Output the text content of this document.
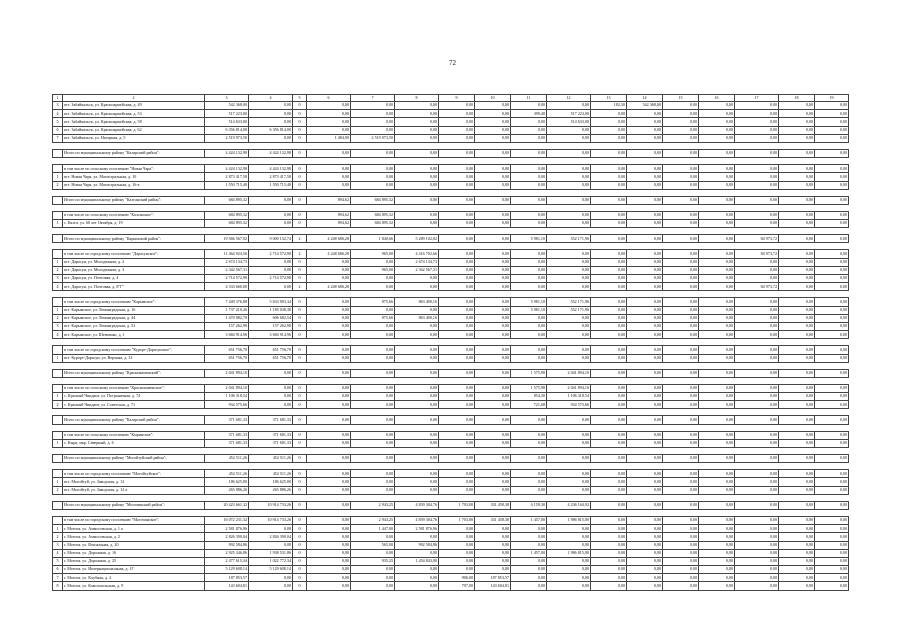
72
1	2	3	4	5	6	7	8	9	10	11	12	13	14	15	16	17	18	19
3	пгт. Забайкальск, ул. Красноармейская, д. 49	542 368,00	0,00	0	0,00	0,00	0,00	0,00	0,00	0,00	0,00	182,30	542 368,00	0,00	0,00	0,00	0,00	0,00
4	пгт. Забайкальск, ул. Красноармейская, д. 53	517 223,00	0,00	0	0,00	0,00	0,00	0,00	0,00	399,40	517 223,00	0,00	0,00	0,00	0,00	0,00	0,00	0,00
5	пгт. Забайкальск, ул. Красноармейская, д. 58	514 633,00	0,00	0	0,00	0,00	0,00	0,00	0,00	0,00	514 633,00	0,00	0,00	0,00	0,00	0,00	0,00	0,00
6	пгт. Забайкальск, ул. Красноармейская, д. 62	6 356 814,00	6 356 814,00	0	0,00	0,00	0,00	0,00	0,00	0,00	0,00	0,00	0,00	0,00	0,00	0,00	0,00	0,00
7	пгт. Забайкальск, ул. Нагорная, д. 5	2 519 973,50	0,00	0	1 484,00	2 519 973,50	0,00	0,00	0,00	0,00	0,00	0,00	0,00	0,00	0,00	0,00	0,00	0,00

	Итого по муниципальному району "Каларский район":	4 424 132,98	4 424 132,98	0	0,00	0,00	0,00	0,00	0,00	0,00	0,00	0,00	0,00	0,00	0,00	0,00	0,00	0,00

	в том числе по сельскому поселению "Новая Чара":	4 424 132,98	4 424 132,98	0	0,00	0,00	0,00	0,00	0,00	0,00	0,00	0,00	0,00	0,00	0,00	0,00	0,00	0,00
1	пгт. Новая Чара, ул. Магистральная, д. 10	2 873 417,58	2 873 417,58	0	0,00	0,00	0,00	0,00	0,00	0,00	0,00	0,00	0,00	0,00	0,00	0,00	0,00	0,00
2	пгт. Новая Чара, ул. Магистральная, д. 16-а	1 550 715,40	1 550 715,40	0	0,00	0,00	0,00	0,00	0,00	0,00	0,00	0,00	0,00	0,00	0,00	0,00	0,00	0,00

	Итого по муниципальному району "Калганский район":	684 895,32	0,00	0	894,62	684 895,32	0,00	0,00	0,00	0,00	0,00	0,00	0,00	0,00	0,00	0,00	0,00	0,00

	в том числе по сельскому поселению "Калганское":	684 895,32	0,00	0	894,62	684 895,32	0,00	0,00	0,00	0,00	0,00	0,00	0,00	0,00	0,00	0,00	0,00	0,00
1	с. Калга, ул. 60 лет Октября, д. 19	684 895,32	0,00	0	894,62	684 895,32	0,00	0,00	0,00	0,00	0,00	0,00	0,00	0,00	0,00	0,00	0,00	0,00

	Итого по муниципальному району "Карымский район":	19 566 567,92	9 000 132,74	2	4 248 686,28	1 840,66	5 289 102,82	0,00	0,00	5 981,10	552 171,96	0,00	0,00	0,00	0,00	84 973,72	0,00	0,00

	в том числе по городскому поселению "Дарасунское":	11 464 924,56	2 714 572,90	2	4 248 686,28	965,00	4 416 702,66	0,00	0,00	0,00	0,00	0,00	0,00	0,00	0,00	84 973,72	0,00	0,00
1	пгт. Дарасун, ул. Молодежная, д. 2	2 674 134,73	0,00	0	0,00	0,00	2 674 134,73	0,00	0,00	0,00	0,00	0,00	0,00	0,00	0,00	0,00	0,00	0,00
2	пгт. Дарасун, ул. Молодежная, д. 3	2 342 567,31	0,00	0	0,00	965,00	2 342 567,31	0,00	0,00	0,00	0,00	0,00	0,00	0,00	0,00	0,00	0,00	0,00
3	пгт. Дарасун, ул. Почтовая, д. 4	2 714 572,90	2 714 572,90	0	0,00	0,00	0,00	0,00	0,00	0,00	0,00	0,00	0,00	0,00	0,00	0,00	0,00	0,00
4	пгт. Дарасун, ул. Почтовая, д. 8"Г"	4 333 660,00	0,00	2	4 248 686,28	0,00	0,00	0,00	0,00	0,00	0,00	0,00	0,00	0,00	0,00	84 973,72	0,00	0,00

	в том числе по городскому поселению "Карымское":	7 449 376,88	5 633 903,34	0	0,00	875,66	863 400,16	0,00	0,00	5 981,10	552 171,96	0,00	0,00	0,00	0,00	0,00	0,00	0,00
1	пгт. Карымское, ул. Ленинградская, д. 16	1 737 210,26	1 185 038,30	0	0,00	0,00	0,00	0,00	0,00	5 981,10	552 171,96	0,00	0,00	0,00	0,00	0,00	0,00	0,00
2	пгт. Карымское, ул. Ленинградская, д. 44	1 470 082,70	606 682,54	0	0,00	875,66	863 400,16	0,00	0,00	0,00	0,00	0,00	0,00	0,00	0,00	0,00	0,00	0,00
3	пгт. Карымское, ул. Ленинградская, д. 52	157 262,90	157 262,90	0	0,00	0,00	0,00	0,00	0,00	0,00	0,00	0,00	0,00	0,00	0,00	0,00	0,00	0,00
4	пгт. Карымское, ул. Шевченко, д. 1	3 684 914,96	3 684 914,96	0	0,00	0,00	0,00	0,00	0,00	0,00	0,00	0,00	0,00	0,00	0,00	0,00	0,00	0,00

	в том числе по городскому поселению "Курорт-Дарасунское":	651 756,70	651 756,70	0	0,00	0,00	0,00	0,00	0,00	0,00	0,00	0,00	0,00	0,00	0,00	0,00	0,00	0,00
1	пгт. Курорт-Дарасун, ул. Верхняя, д. 12	651 756,70	651 756,70	0	0,00	0,00	0,00	0,00	0,00	0,00	0,00	0,00	0,00	0,00	0,00	0,00	0,00	0,00

	Итого по муниципальному району "Краснокаменский":	2 041 894,10	0,00	0	0,00	0,00	0,00	0,00	0,00	1 575,98	2 041 894,10	0,00	0,00	0,00	0,00	0,00	0,00	0,00

	в том числе по сельскому поселению "Краснокаменское":	2 041 894,10	0,00	0	0,00	0,00	0,00	0,00	0,00	1 575,98	2 041 894,10	0,00	0,00	0,00	0,00	0,00	0,00	0,00
1	с. Красный Чиндант, ул. Пограничная, д. 74	1 106 318,54	0,00	0	0,00	0,00	0,00	0,00	0,00	854,30	1 106 318,54	0,00	0,00	0,00	0,00	0,00	0,00	0,00
2	с. Красный Чиндант, ул. Советская, д. 71	934 575,66	0,00	0	0,00	0,00	0,00	0,00	0,00	721,68	934 575,66	0,00	0,00	0,00	0,00	0,00	0,00	0,00

	Итого по муниципальному району "Каларский район":	371 681,33	371 681,33	0	0,00	0,00	0,00	0,00	0,00	0,00	0,00	0,00	0,00	0,00	0,00	0,00	0,00	0,00

	в том числе по сельскому поселению "Кыринское":	371 681,33	371 681,33	0	0,00	0,00	0,00	0,00	0,00	0,00	0,00	0,00	0,00	0,00	0,00	0,00	0,00	0,00
1	с. Кыра, мкр. Северный, д. 6	371 681,33	371 681,33	0	0,00	0,00	0,00	0,00	0,00	0,00	0,00	0,00	0,00	0,00	0,00	0,00	0,00	0,00

	Итого по муниципальному району "Могойтуйский район":	452 511,26	452 511,26	0	0,00	0,00	0,00	0,00	0,00	0,00	0,00	0,00	0,00	0,00	0,00	0,00	0,00	0,00

	в том числе по городскому поселению "Могойтуйское":	452 511,26	452 511,26	0	0,00	0,00	0,00	0,00	0,00	0,00	0,00	0,00	0,00	0,00	0,00	0,00	0,00	0,00
1	пгт. Могойтуй, ул. Заводская, д. 12	186 625,00	186 625,00	0	0,00	0,00	0,00	0,00	0,00	0,00	0,00	0,00	0,00	0,00	0,00	0,00	0,00	0,00
2	пгт. Могойтуй, ул. Заводская, д. 12 а	265 886,26	265 886,26	0	0,00	0,00	0,00	0,00	0,00	0,00	0,00	0,00	0,00	0,00	0,00	0,00	0,00	0,00

	Итого по муниципальному району "Могочинский район":	20 423 661,32	10 914 733,26	0	0,00	2 943,25	4 839 304,76	1 703,00	331 458,38	4 159,30	4 236 164,92	0,00	0,00	0,00	0,00	0,00	0,00	0,00

	в том числе по городскому поселению "Могочинское":	16 072 231,32	10 914 733,26	0	0,00	2 943,25	4 839 304,76	1 703,00	331 458,38	1 457,00	1 986 815,00	0,00	0,00	0,00	0,00	0,00	0,00	0,00
1	г. Могоча, ул. Аммосовская, д. 1 а	2 581 876,96	0,00	0	0,00	1 447,00	2 581 876,96	0,00	0,00	0,00	0,00	0,00	0,00	0,00	0,00	0,00	0,00	0,00
2	г. Могоча, ул. Аммосовская, д. 2	2 826 390,04	2 826 390,04	0	0,00	0,00	0,00	0,00	0,00	0,00	0,00	0,00	0,00	0,00	0,00	0,00	0,00	0,00
3	г. Могоча, ул. Вокзальная, д. 20	992 584,86	0,00	0	0,00	565,00	992 584,86	0,00	0,00	0,00	0,00	0,00	0,00	0,00	0,00	0,00	0,00	0,00
4	г. Могоча, ул. Дорожная, д. 16	2 925 346,86	1 938 531,86	0	0,00	0,00	0,00	0,00	0,00	1 457,00	1 986 815,00	0,00	0,00	0,00	0,00	0,00	0,00	0,00
5	г. Могоча, ул. Дорожная, д. 25	2 477 615,34	1 022 772,34	0	0,00	935,25	1 454 843,00	0,00	0,00	0,00	0,00	0,00	0,00	0,00	0,00	0,00	0,00	0,00
6	г. Могоча, ул. Интернациональная, д. 1Г	5 129 608,14	5 129 608,14	0	0,00	0,00	0,00	0,00	0,00	0,00	0,00	0,00	0,00	0,00	0,00	0,00	0,00	0,00
7	г. Могоча, ул. Клубная, д. 2	187 853,57	0,00	0	0,00	0,00	0,00	906,00	187 853,57	0,00	0,00	0,00	0,00	0,00	0,00	0,00	0,00	0,00
8	г. Могоча, ул. Комсомольская, д. 9	143 604,81	0,00	0	0,00	0,00	0,00	797,00	143 604,81	0,00	0,00	0,00	0,00	0,00	0,00	0,00	0,00	0,00
